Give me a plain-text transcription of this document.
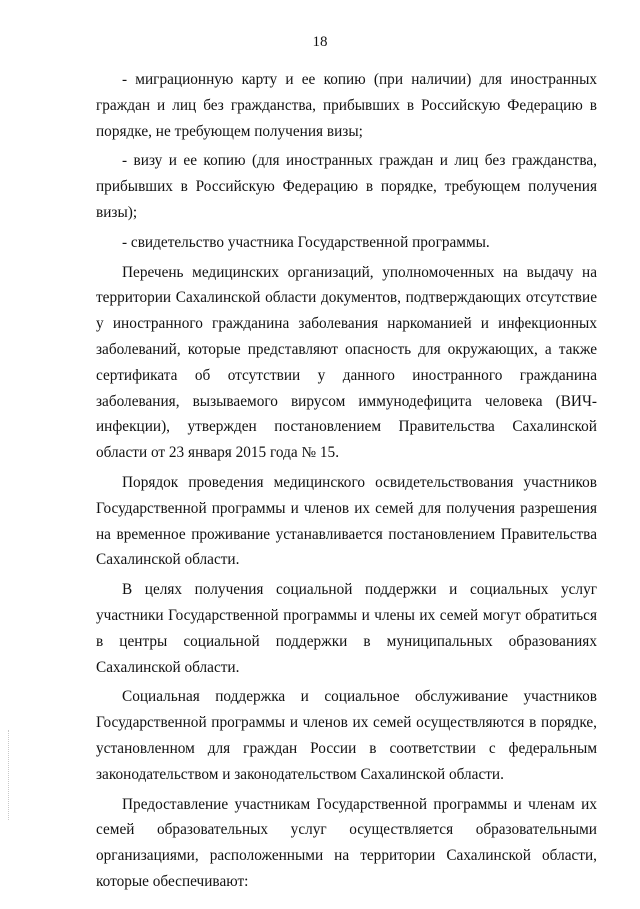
18

- миграционную карту и ее копию (при наличии) для иностранных граждан и лиц без гражданства, прибывших в Российскую Федерацию в порядке, не требующем получения визы;

- визу и ее копию (для иностранных граждан и лиц без гражданства, прибывших в Российскую Федерацию в порядке, требующем получения визы);

- свидетельство участника Государственной программы.

Перечень медицинских организаций, уполномоченных на выдачу на территории Сахалинской области документов, подтверждающих отсутствие у иностранного гражданина заболевания наркоманией и инфекционных заболеваний, которые представляют опасность для окружающих, а также сертификата об отсутствии у данного иностранного гражданина заболевания, вызываемого вирусом иммунодефицита человека (ВИЧ-инфекции), утвержден постановлением Правительства Сахалинской области от 23 января 2015 года № 15.

Порядок проведения медицинского освидетельствования участников Государственной программы и членов их семей для получения разрешения на временное проживание устанавливается постановлением Правительства Сахалинской области.

В целях получения социальной поддержки и социальных услуг участники Государственной программы и члены их семей могут обратиться в центры социальной поддержки в муниципальных образованиях Сахалинской области.

Социальная поддержка и социальное обслуживание участников Государственной программы и членов их семей осуществляются в порядке, установленном для граждан России в соответствии с федеральным законодательством и законодательством Сахалинской области.

Предоставление участникам Государственной программы и членам их семей образовательных услуг осуществляется образовательными организациями, расположенными на территории Сахалинской области, которые обеспечивают:
